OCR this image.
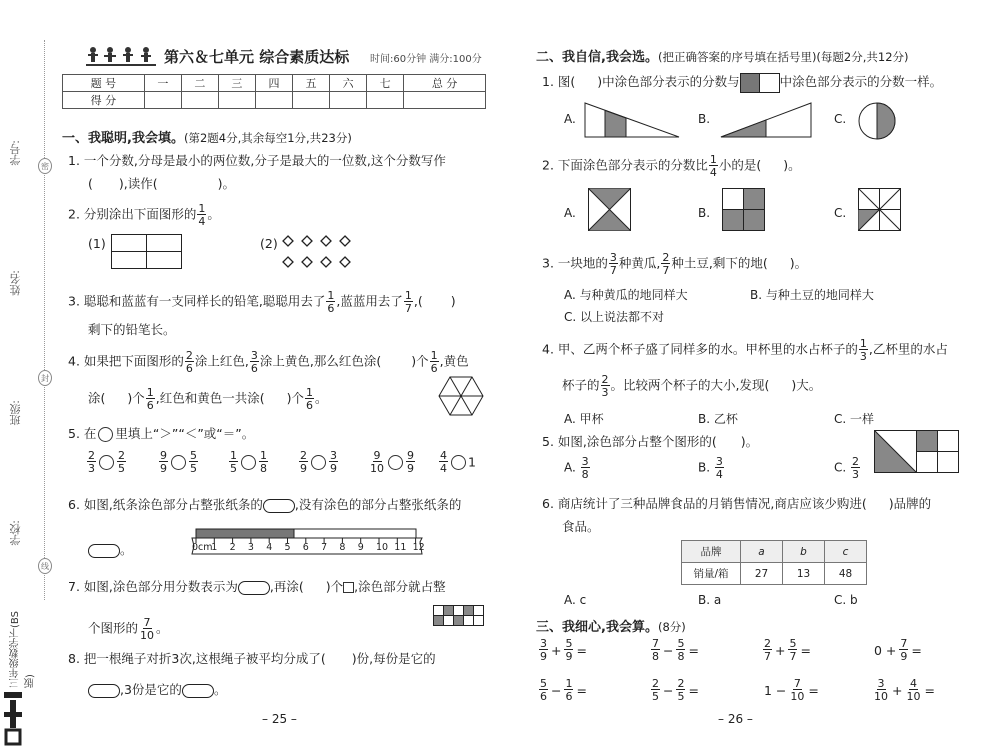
学号:
姓名:
班级:
学校:
密
封
线
三年级数学下(BS版)
第六＆七单元 综合素质达标 时间:60分钟 满分:100分
题 号	一	二	三	四	五	六	七	总 分
得 分								
一、我聪明,我会填。(第2题4分,其余每空1分,共23分)
1. 一个分数,分母是最小的两位数,分子是最大的一位数,这个分数写作
( ),读作(	)。
2. 分别涂出下面图形的 $\frac{1}{4}$ 。
(1)	(2)
3. 聪聪和蓝蓝有一支同样长的铅笔,聪聪用去了 $\frac{1}{6}$ ,蓝蓝用去了 $\frac{1}{7}$ ,( )
剩下的铅笔长。
4. 如果把下面图形的 $\frac{2}{6}$ 涂上红色, $\frac{3}{6}$ 涂上黄色,那么红色涂( )个 $\frac{1}{6}$ ,黄色
涂( )个 $\frac{1}{6}$ ,红色和黄色一共涂( )个 $\frac{1}{6}$ 。
5. 在 里填上“＞”“＜”或“＝”。
$\frac{2}{3} \frac{2}{5}$	$\frac{9}{9} \frac{5}{5}$	$\frac{1}{5} \frac{1}{8}$	$\frac{2}{9} \frac{3}{9}$	$\frac{9}{10} \frac{9}{9} \frac{4}{4} 1$
6. 如图,纸条涂色部分占整张纸条的	,没有涂色的部分占整张纸条的
。	0cm
1 2 3 4 5 6 7 8 9 10 11 12
7. 如图,涂色部分用分数表示为	,再涂( )个 ,涂色部分就占整
个图形的 $\frac{7}{10}$ 。
8. 把一根绳子对折3次,这根绳子被平均分成了( )份,每份是它的
,3份是它的	。
– 25 –
二、我自信,我会选。(把正确答案的序号填在括号里)(每题2分,共12分)
1. 图( )中涂色部分表示的分数与	中涂色部分表示的分数一样。
A.	B.	C.
2. 下面涂色部分表示的分数比 $\frac{1}{4}$ 小的是( )。
A.	B.	C.
3. 一块地的 $\frac{3}{7}$ 种黄瓜, $\frac{2}{7}$ 种土豆,剩下的地( )。
A. 与种黄瓜的地同样大	B. 与种土豆的地同样大
C. 以上说法都不对
4. 甲、乙两个杯子盛了同样多的水。甲杯里的水占杯子的 $\frac{1}{3}$ ,乙杯里的水占
杯子的 $\frac{2}{3}$ 。比较两个杯子的大小,发现( )大。
A. 甲杯	B. 乙杯	C. 一样
5. 如图,涂色部分占整个图形的( )。
A. $\frac{3}{8}$	B. $\frac{3}{4}$	C. $\frac{2}{3}$
6. 商店统计了三种品牌食品的月销售情况,商店应该少购进( )品牌的
食品。
品牌	a	b	c
销量/箱	27	13	48
A. c	B. a	C. b
三、我细心,我会算。(8分)
$\frac{3}{9} + \frac{5}{9}$ =	$\frac{7}{8} - \frac{5}{8}$ =	$\frac{2}{7} + \frac{5}{7}$ =	$0 + \frac{7}{9}$ =
$\frac{5}{6} - \frac{1}{6}$ =	$\frac{2}{5} - \frac{2}{5}$ =	$1 - \frac{7}{10}$ =	$\frac{3}{10} + \frac{4}{10}$ =
– 26 –
